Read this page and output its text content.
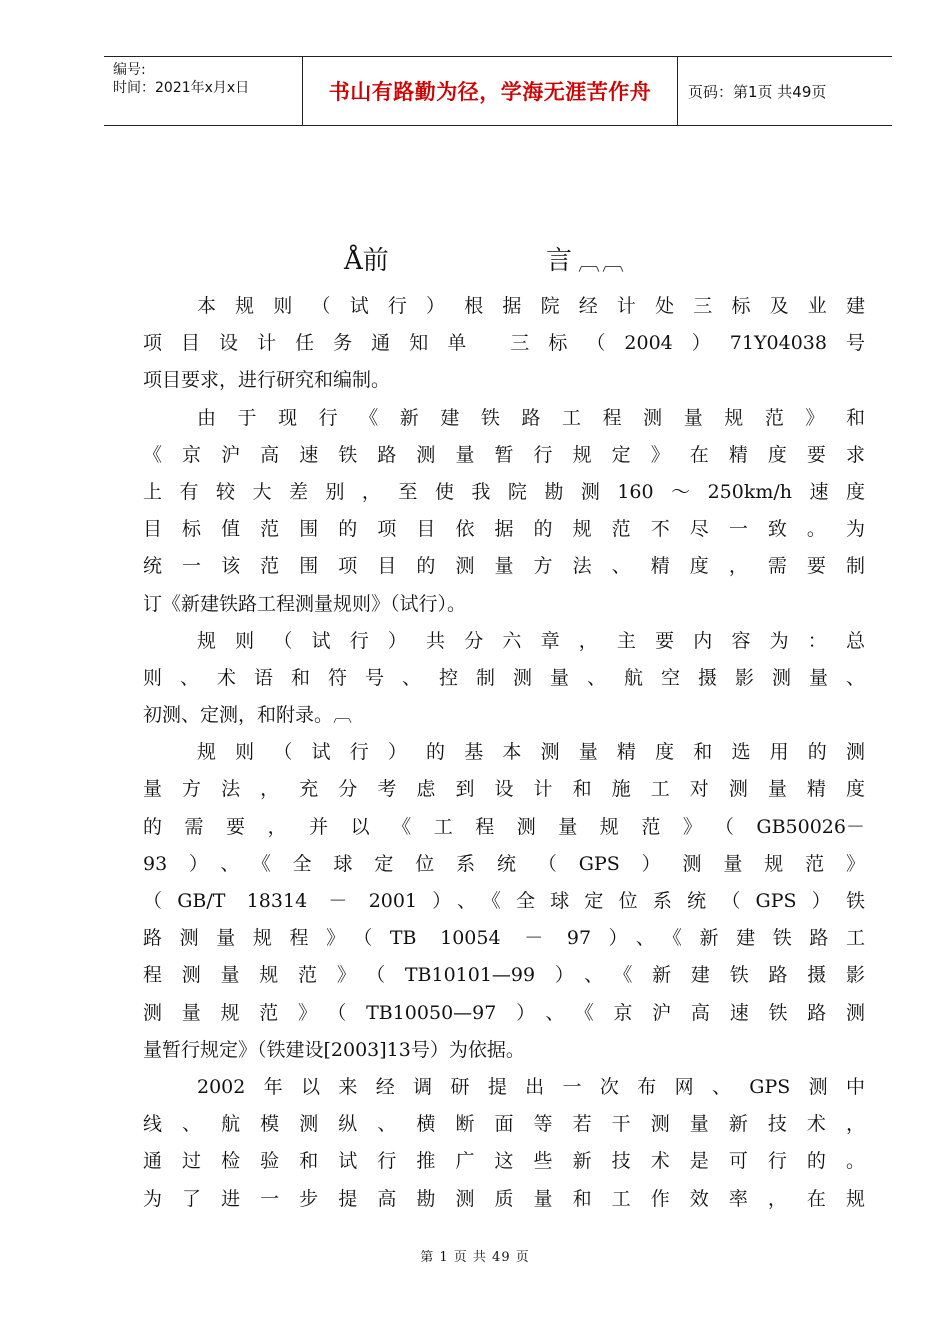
编号:
时间：2021年x月x日	书山有路勤为径，学海无涯苦作舟	页码：第1页 共49页
Å前	言 ︹︹
本规则（试行）根据院经计处三标及业建
项目设计任务通知单 三标（2004）71Y04038号
项目要求，进行研究和编制。
由于现行《新建铁路工程测量规范》和
《京沪高速铁路测量暂行规定》在精度要求
上有较大差别，至使我院勘测160～250km/h速度
目标值范围的项目依据的规范不尽一致。为
统一该范围项目的测量方法、精度，需要制
订《新建铁路工程测量规则》（试行）。
规则（试行）共分六章，主要内容为：总
则、术语和符号、控制测量、航空摄影测量、
初测、定测，和附录。︹
规则（试行）的基本测量精度和选用的测
量方法，充分考虑到设计和施工对测量精度
的需要，并以《工程测量规范》（GB50026－
93）、《全球定位系统（GPS）测量规范》
（GB/T 18314 － 2001）、《全球定位系统（GPS）铁
路测量规程》（TB 10054 － 97）、《新建铁路工
程测量规范》（TB10101—99）、《新建铁路摄影
测量规范》（TB10050—97）、《京沪高速铁路测
量暂行规定》（铁建设[2003]13号）为依据。
2002年以来经调研提出一次布网、GPS测中
线、航模测纵、横断面等若干测量新技术，
通过检验和试行推广这些新技术是可行的。
为了进一步提高勘测质量和工作效率，在规
第 1 页 共 49 页
